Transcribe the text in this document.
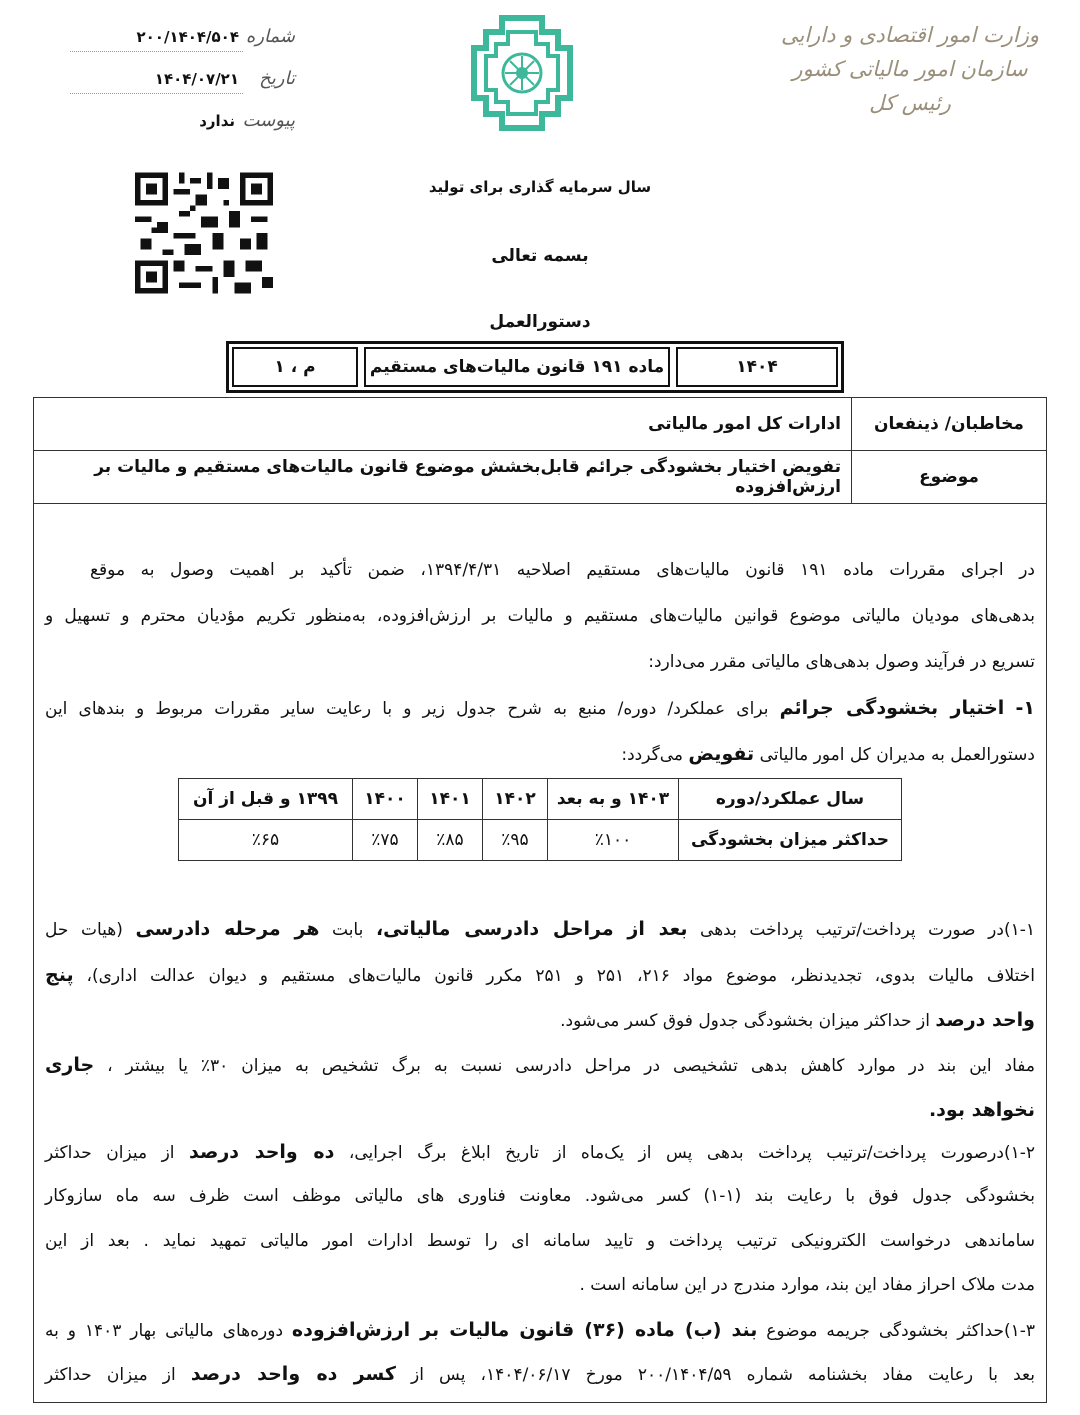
وزارت امور اقتصادی و دارایی
سازمان امور مالیاتی کشور
رئیس کل
شماره
۲۰۰/۱۴۰۴/۵۰۴
تاریخ
۱۴۰۴/۰۷/۲۱
پیوست
ندارد
سال سرمایه گذاری برای تولید
بسمه تعالی
دستورالعمل
۱۴۰۴
ماده ۱۹۱ قانون مالیات‌های مستقیم
م ، ۱
مخاطبان/ ذینفعان
ادارات کل امور مالیاتی
موضوع
تفویض اختیار بخشودگی جرائم قابل‌بخشش موضوع قانون مالیات‌های مستقیم و مالیات بر ارزش‌افزوده
در اجرای مقررات ماده ۱۹۱ قانون مالیات‌های مستقیم اصلاحیه ۱۳۹۴/۴/۳۱، ضمن تأکید بر اهمیت وصول به موقع
بدهی‌های مودیان مالیاتی موضوع قوانین مالیات‌های مستقیم و مالیات بر ارزش‌افزوده، به‌منظور تکریم مؤدیان محترم و تسهیل و
تسریع در فرآیند وصول بدهی‌های مالیاتی مقرر می‌دارد:
۱- اختیار بخشودگی جرائم برای عملکرد/ دوره/ منبع به شرح جدول زیر و با رعایت سایر مقررات مربوط و بندهای این
دستورالعمل به مدیران کل امور مالیاتی تفویض می‌گردد:
سال عملکرد/دوره	۱۴۰۳ و به بعد	۱۴۰۲	۱۴۰۱	۱۴۰۰	۱۳۹۹ و قبل از آن
حداکثر میزان بخشودگی	٪۱۰۰	٪۹۵	٪۸۵	٪۷۵	٪۶۵
۱-۱)در صورت پرداخت/ترتیب پرداخت بدهی بعد از مراحل دادرسی مالیاتی، بابت هر مرحله دادرسی (هیات حل
اختلاف مالیات بدوی، تجدیدنظر، موضوع مواد ۲۱۶، ۲۵۱ و ۲۵۱ مکرر قانون مالیات‌های مستقیم و دیوان عدالت اداری)، پنج
واحد درصد از حداکثر میزان بخشودگی جدول فوق کسر می‌شود.
مفاد این بند در موارد کاهش بدهی تشخیصی در مراحل دادرسی نسبت به برگ تشخیص به میزان ۳۰٪ یا بیشتر ، جاری
نخواهد بود.
۱-۲)درصورت پرداخت/ترتیب پرداخت بدهی پس از یک‌ماه از تاریخ ابلاغ برگ اجرایی، ده واحد درصد از میزان حداکثر
بخشودگی جدول فوق با رعایت بند (۱-۱) کسر می‌شود. معاونت فناوری های مالیاتی موظف است ظرف سه ماه سازوکار
ساماندهی درخواست الکترونیکی ترتیب پرداخت و تایید سامانه ای را توسط ادارات امور مالیاتی تمهید نماید . بعد از این
مدت ملاک احراز مفاد این بند، موارد مندرج در این سامانه است .
۱-۳)حداکثر بخشودگی جریمه موضوع بند (ب) ماده (۳۶) قانون مالیات بر ارزش‌افزوده دوره‌های مالیاتی بهار ۱۴۰۳ و به
بعد با رعایت مفاد بخشنامه شماره ۲۰۰/۱۴۰۴/۵۹ مورخ ۱۴۰۴/۰۶/۱۷، پس از کسر ده واحد درصد از میزان حداکثر
